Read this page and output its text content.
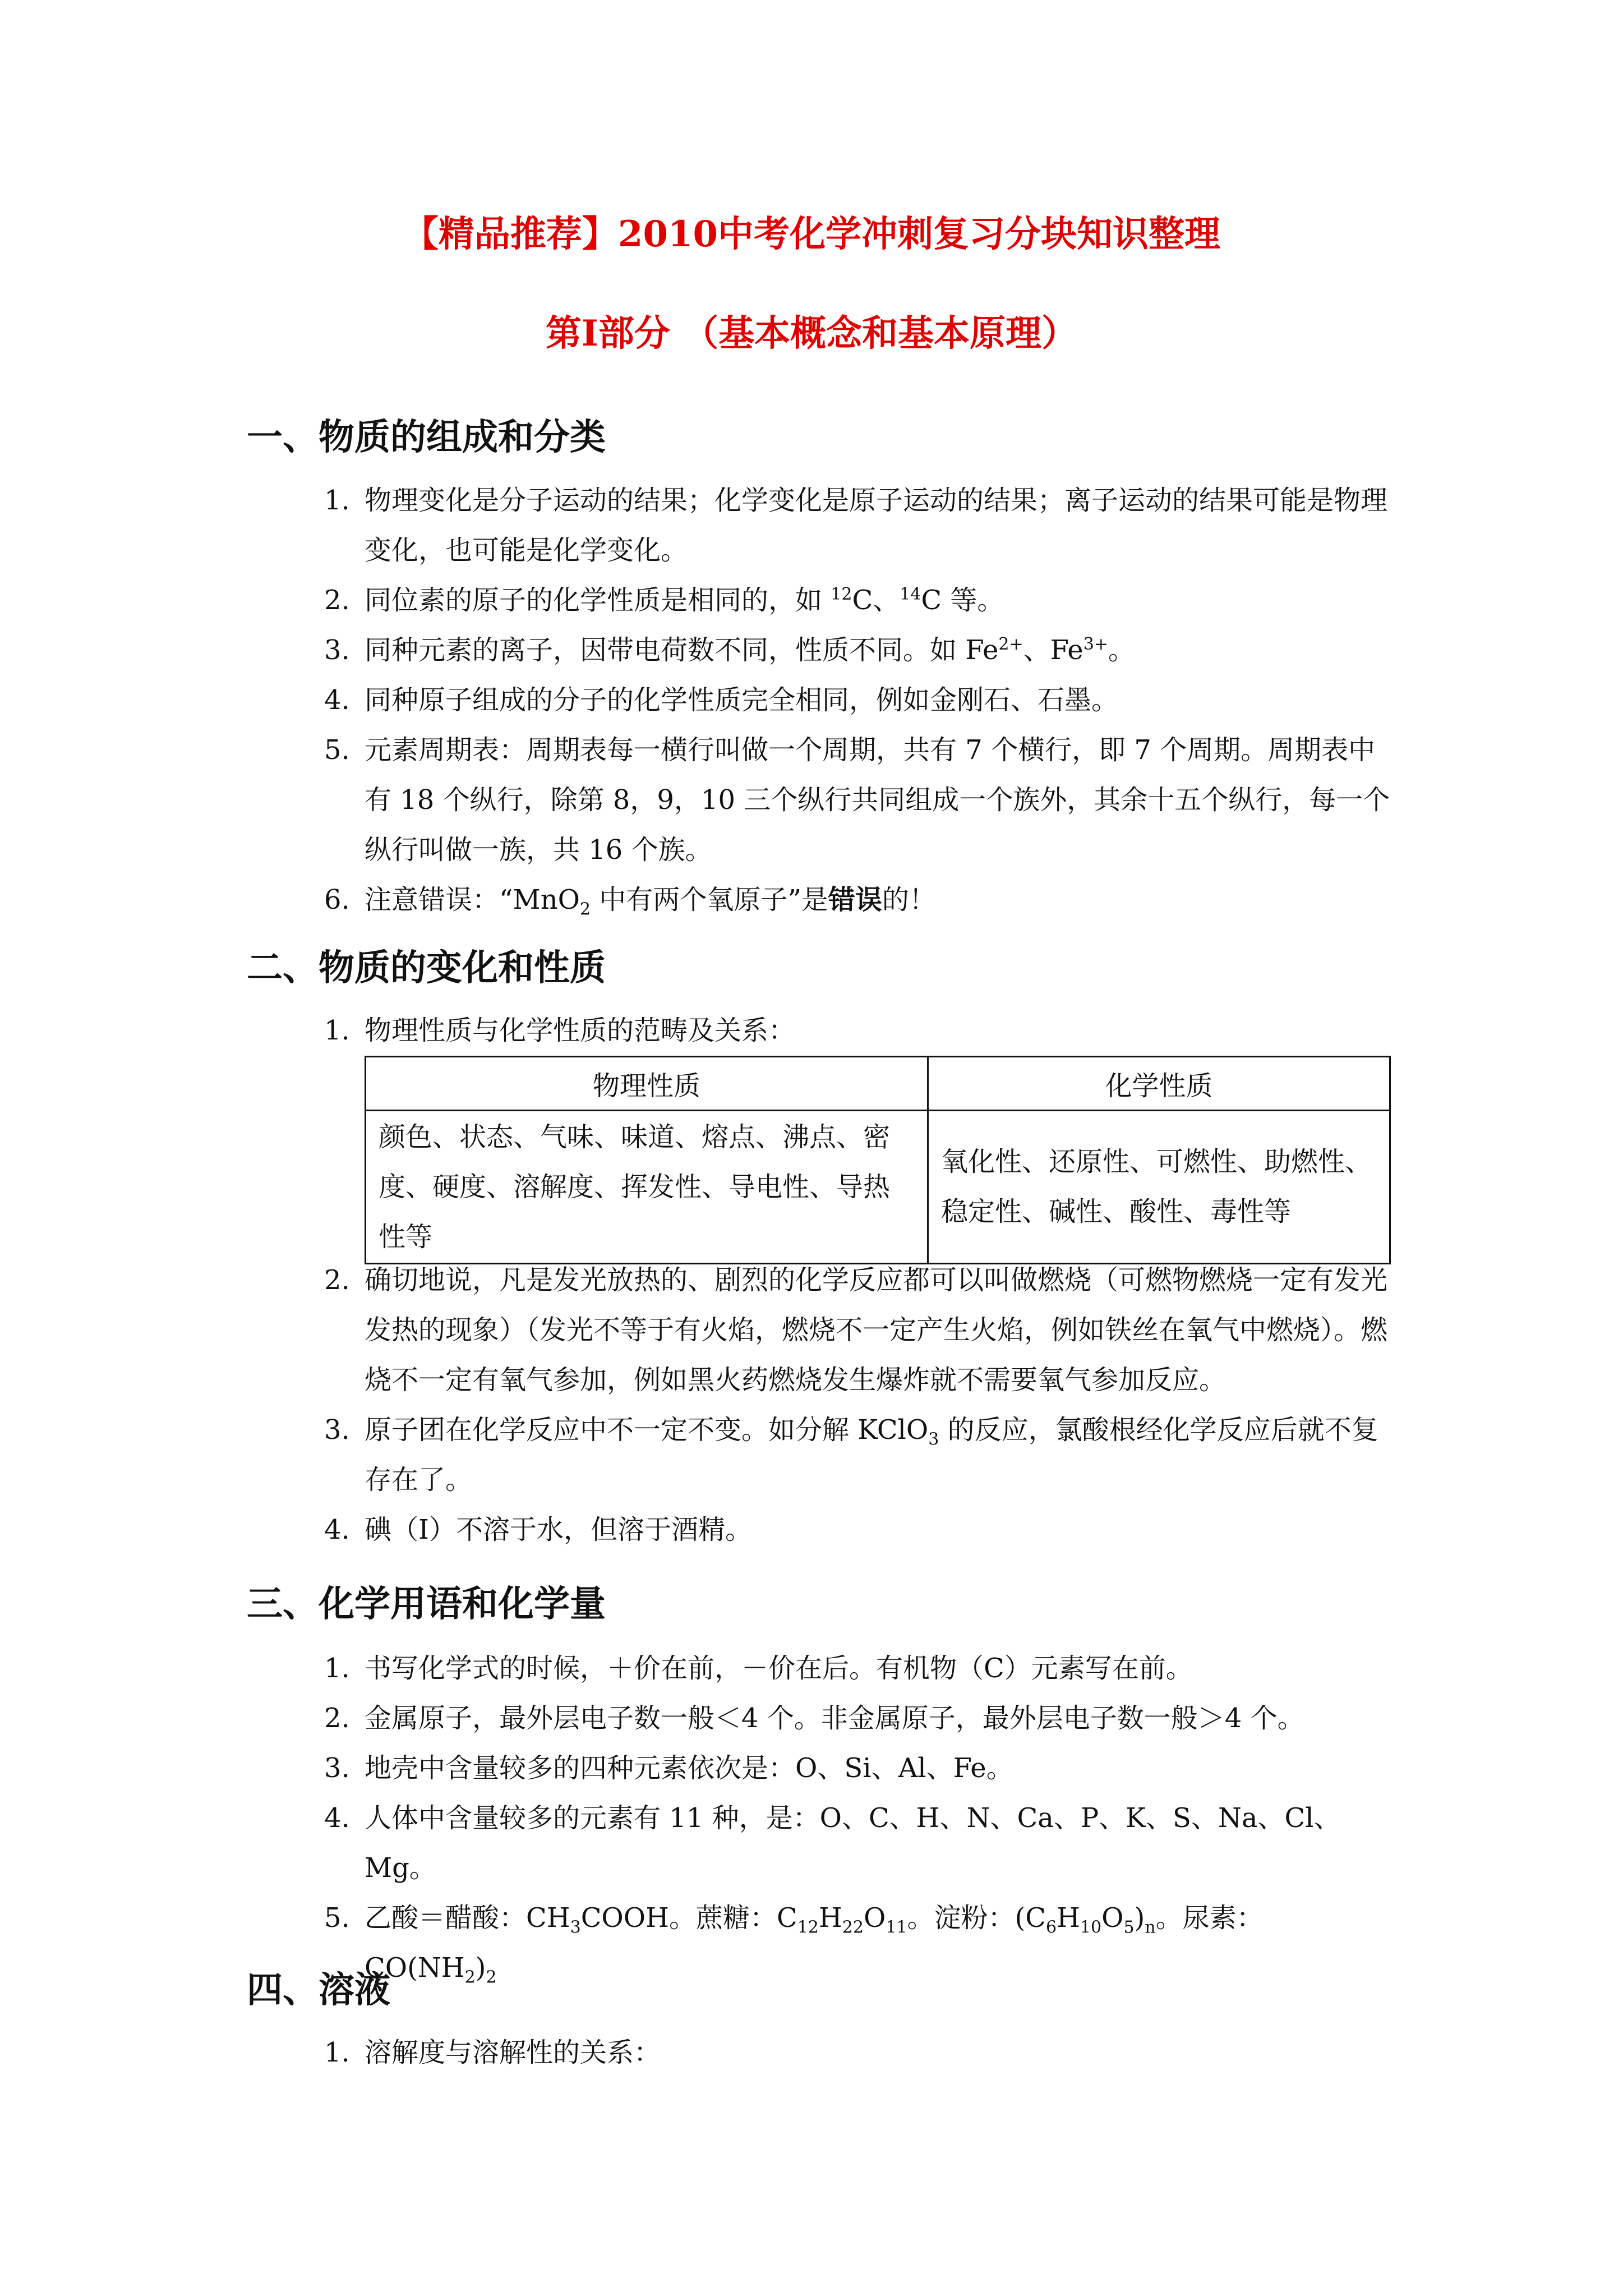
【精品推荐】2010中考化学冲刺复习分块知识整理
第Ⅰ部分 （基本概念和基本原理）
一、物质的组成和分类
1. 物理变化是分子运动的结果；化学变化是原子运动的结果；离子运动的结果可能是物理变化，也可能是化学变化。
2. 同位素的原子的化学性质是相同的，如 $^{12}$C、$^{14}$C 等。
3. 同种元素的离子，因带电荷数不同，性质不同。如 $Fe^{2+}$、$Fe^{3+}$。
4. 同种原子组成的分子的化学性质完全相同，例如金刚石、石墨。
5. 元素周期表：周期表每一横行叫做一个周期，共有 7 个横行，即 7 个周期。周期表中有 18 个纵行，除第 8，9，10 三个纵行共同组成一个族外，其余十五个纵行，每一个纵行叫做一族，共 16 个族。
6. 注意错误：“MnO$_2$ 中有两个氧原子”是错误的！
二、物质的变化和性质
1. 物理性质与化学性质的范畴及关系：
物理性质	化学性质
颜色、状态、气味、味道、熔点、沸点、密度、硬度、溶解度、挥发性、导电性、导热性等	氧化性、还原性、可燃性、助燃性、稳定性、碱性、酸性、毒性等
2. 确切地说，凡是发光放热的、剧烈的化学反应都可以叫做燃烧（可燃物燃烧一定有发光发热的现象）（发光不等于有火焰，燃烧不一定产生火焰，例如铁丝在氧气中燃烧）。燃烧不一定有氧气参加，例如黑火药燃烧发生爆炸就不需要氧气参加反应。
3. 原子团在化学反应中不一定不变。如分解 KClO$_3$ 的反应，氯酸根经化学反应后就不复存在了。
4. 碘（I）不溶于水，但溶于酒精。
三、化学用语和化学量
1. 书写化学式的时候，＋价在前，－价在后。有机物（C）元素写在前。
2. 金属原子，最外层电子数一般＜4 个。非金属原子，最外层电子数一般＞4 个。
3. 地壳中含量较多的四种元素依次是：O、Si、Al、Fe。
4. 人体中含量较多的元素有 11 种，是：O、C、H、N、Ca、P、K、S、Na、Cl、Mg。
5. 乙酸＝醋酸：$CH_3COOH$。蔗糖：$C_{12}H_{22}O_{11}$。淀粉：$(C_6H_{10}O_5)_n$。尿素：$CO(NH_2)_2$
四、溶液
1. 溶解度与溶解性的关系：
